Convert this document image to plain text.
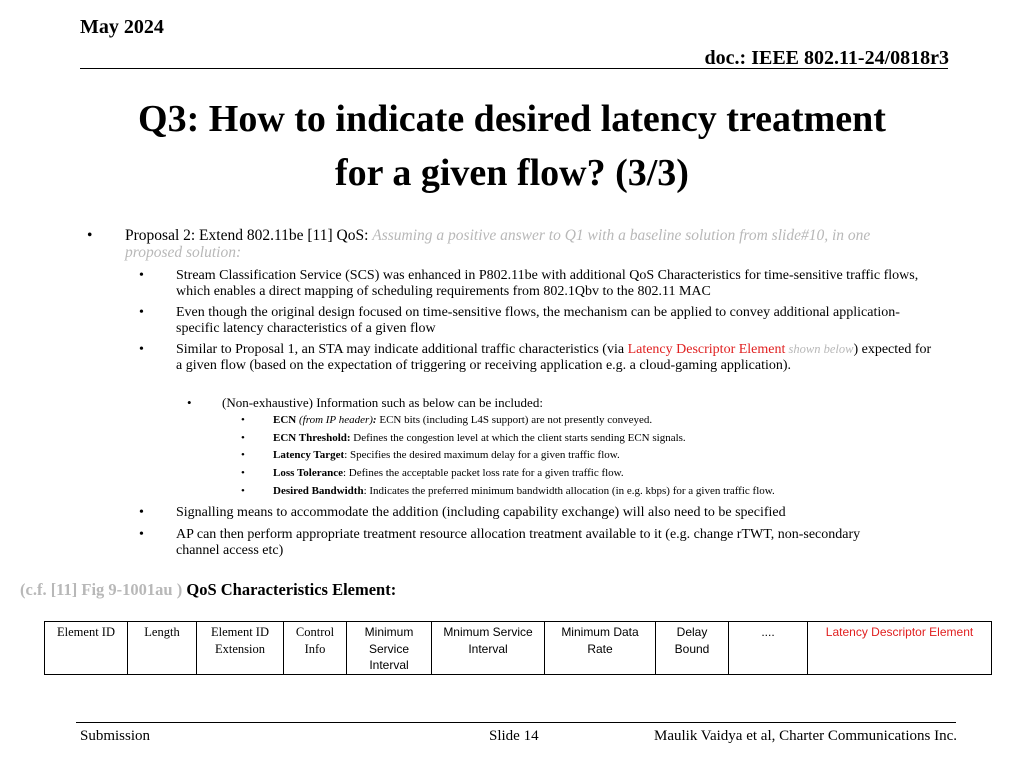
May 2024
doc.: IEEE 802.11-24/0818r3
Q3: How to indicate desired latency treatment
for a given flow? (3/3)
• Proposal 2: Extend 802.11be [11] QoS: Assuming a positive answer to Q1 with a baseline solution from slide#10, in one proposed solution:
• Stream Classification Service (SCS) was enhanced in P802.11be with additional QoS Characteristics for time-sensitive traffic flows, which enables a direct mapping of scheduling requirements from 802.1Qbv to the 802.11 MAC
• Even though the original design focused on time-sensitive flows, the mechanism can be applied to convey additional application-specific latency characteristics of a given flow
• Similar to Proposal 1, an STA may indicate additional traffic characteristics (via Latency Descriptor Element shown below) expected for a given flow (based on the expectation of triggering or receiving application e.g. a cloud-gaming application).
• (Non-exhaustive) Information such as below can be included:
•	ECN (from IP header): ECN bits (including L4S support) are not presently conveyed.
•	ECN Threshold: Defines the congestion level at which the client starts sending ECN signals.
•	Latency Target: Specifies the desired maximum delay for a given traffic flow.
•	Loss Tolerance: Defines the acceptable packet loss rate for a given traffic flow.
•	Desired Bandwidth: Indicates the preferred minimum bandwidth allocation (in e.g. kbps) for a given traffic flow.
• Signalling means to accommodate the addition (including capability exchange) will also need to be specified
• AP can then perform appropriate treatment resource allocation treatment available to it (e.g. change rTWT, non-secondary channel access etc)
(c.f. [11] Fig 9-1001au ) QoS Characteristics Element:
Element ID	Length	Element ID Extension	Control Info	Minimum Service Interval	Mnimum Service Interval	Minimum Data Rate	Delay Bound	....	Latency Descriptor Element
Submission	Slide 14	Maulik Vaidya et al, Charter Communications Inc.
